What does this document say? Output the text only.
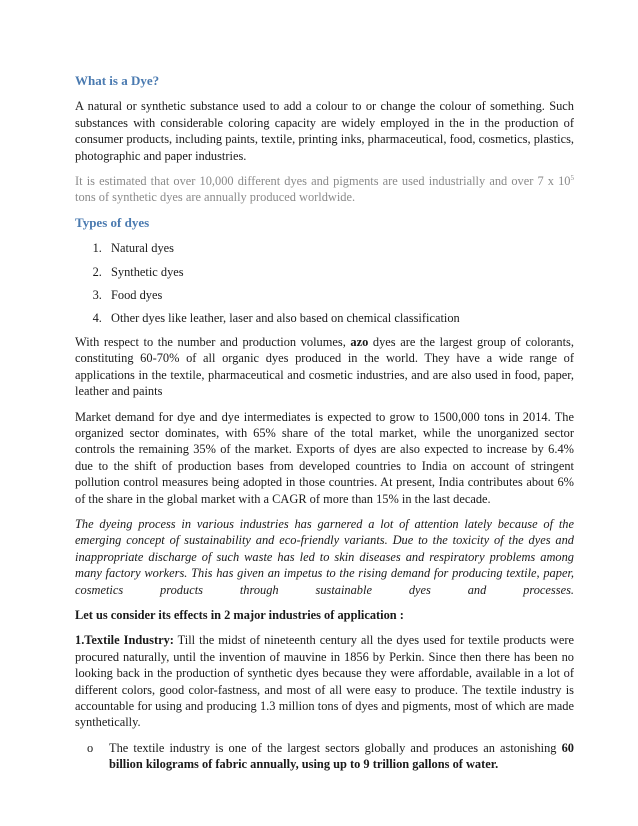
What is a Dye?

A natural or synthetic substance used to add a colour to or change the colour of something. Such substances with considerable coloring capacity are widely employed in the in the production of consumer products, including paints, textile, printing inks, pharmaceutical, food, cosmetics, plastics, photographic and paper industries.

It is estimated that over 10,000 different dyes and pigments are used industrially and over 7 x $10^5$ tons of synthetic dyes are annually produced worldwide.

Types of dyes
1. Natural dyes
2. Synthetic dyes
3. Food dyes
4. Other dyes like leather, laser and also based on chemical classification

With respect to the number and production volumes, azo dyes are the largest group of colorants, constituting 60-70% of all organic dyes produced in the world. They have a wide range of applications in the textile, pharmaceutical and cosmetic industries, and are also used in food, paper, leather and paints

Market demand for dye and dye intermediates is expected to grow to 1500,000 tons in 2014. The organized sector dominates, with 65% share of the total market, while the unorganized sector controls the remaining 35% of the market. Exports of dyes are also expected to increase by 6.4% due to the shift of production bases from developed countries to India on account of stringent pollution control measures being adopted in those countries. At present, India contributes about 6% of the share in the global market with a CAGR of more than 15% in the last decade.

The dyeing process in various industries has garnered a lot of attention lately because of the emerging concept of sustainability and eco-friendly variants. Due to the toxicity of the dyes and inappropriate discharge of such waste has led to skin diseases and respiratory problems among many factory workers. This has given an impetus to the rising demand for producing textile, paper, cosmetics products through sustainable dyes and processes.

Let us consider its effects in 2 major industries of application :

1.Textile Industry: Till the midst of nineteenth century all the dyes used for textile products were procured naturally, until the invention of mauvine in 1856 by Perkin. Since then there has been no looking back in the production of synthetic dyes because they were affordable, available in a lot of different colors, good color-fastness, and most of all were easy to produce. The textile industry is accountable for using and producing 1.3 million tons of dyes and pigments, most of which are made synthetically.

o The textile industry is one of the largest sectors globally and produces an astonishing 60 billion kilograms of fabric annually, using up to 9 trillion gallons of water.
